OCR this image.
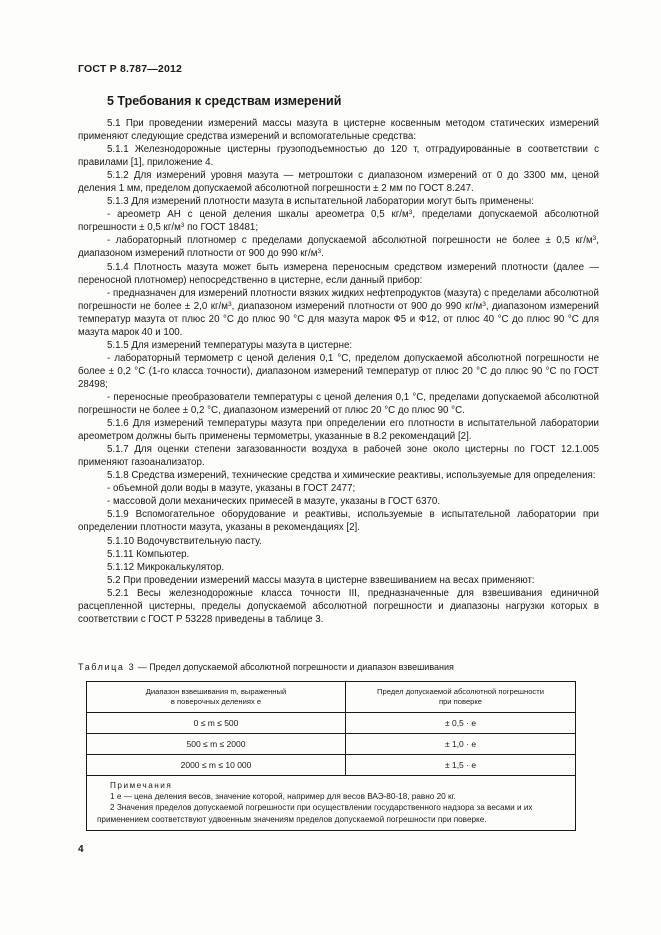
ГОСТ Р 8.787—2012
5 Требования к средствам измерений

5.1 При проведении измерений массы мазута в цистерне косвенным методом статических измерений применяют следующие средства измерений и вспомогательные средства:

5.1.1 Железнодорожные цистерны грузоподъемностью до 120 т, отградуированные в соответствии с правилами [1], приложение 4.

5.1.2 Для измерений уровня мазута — метроштоки с диапазоном измерений от 0 до 3300 мм, ценой деления 1 мм, пределом допускаемой абсолютной погрешности ± 2 мм по ГОСТ 8.247.

5.1.3 Для измерений плотности мазута в испытательной лаборатории могут быть применены:

- ареометр АН с ценой деления шкалы ареометра 0,5 $кг/м^3$, пределами допускаемой абсолютной погрешности ± 0,5 $кг/м^3$ по ГОСТ 18481;

- лабораторный плотномер с пределами допускаемой абсолютной погрешности не более ± 0,5 $кг/м^3$, диапазоном измерений плотности от 900 до 990 $кг/м^3$.

5.1.4 Плотность мазута может быть измерена переносным средством измерений плотности (далее — переносной плотномер) непосредственно в цистерне, если данный прибор:

- предназначен для измерений плотности вязких жидких нефтепродуктов (мазута) с пределами абсолютной погрешности не более ± 2,0 $кг/м^3$, диапазоном измерений плотности от 900 до 990 $кг/м^3$, диапазоном измерений температур мазута от плюс 20 °С до плюс 90 °С для мазута марок Ф5 и Ф12, от плюс 40 °С до плюс 90 °С для мазута марок 40 и 100.

5.1.5 Для измерений температуры мазута в цистерне:

- лабораторный термометр с ценой деления 0,1 °С, пределом допускаемой абсолютной погрешности не более ± 0,2 °С (1-го класса точности), диапазоном измерений температур от плюс 20 °С до плюс 90 °С по ГОСТ 28498;

- переносные преобразователи температуры с ценой деления 0,1 °С, пределами допускаемой абсолютной погрешности не более ± 0,2 °С, диапазоном измерений от плюс 20 °С до плюс 90 °С.

5.1.6 Для измерений температуры мазута при определении его плотности в испытательной лаборатории ареометром должны быть применены термометры, указанные в 8.2 рекомендаций [2].

5.1.7 Для оценки степени загазованности воздуха в рабочей зоне около цистерны по ГОСТ 12.1.005 применяют газоанализатор.

5.1.8 Средства измерений, технические средства и химические реактивы, используемые для определения:

- объемной доли воды в мазуте, указаны в ГОСТ 2477;

- массовой доли механических примесей в мазуте, указаны в ГОСТ 6370.

5.1.9 Вспомогательное оборудование и реактивы, используемые в испытательной лаборатории при определении плотности мазута, указаны в рекомендациях [2].

5.1.10 Водочувствительную пасту.

5.1.11 Компьютер.

5.1.12 Микрокалькулятор.

5.2 При проведении измерений массы мазута в цистерне взвешиванием на весах применяют:

5.2.1 Весы железнодорожные класса точности III, предназначенные для взвешивания единичной расцепленной цистерны, пределы допускаемой абсолютной погрешности и диапазоны нагрузки которых в соответствии с ГОСТ Р 53228 приведены в таблице 3.

Таблица 3 — Предел допускаемой абсолютной погрешности и диапазон взвешивания
Диапазон взвешивания m, выраженный в поверочных делениях e	Предел допускаемой абсолютной погрешности при поверке
0 ≤ m ≤ 500	± 0,5 · e
500 ≤ m ≤ 2000	± 1,0 · e
2000 ≤ m ≤ 10 000	± 1,5 · e

Примечания
1 e — цена деления весов, значение которой, например для весов ВАЭ-80-18, равно 20 кг.
2 Значения пределов допускаемой погрешности при осуществлении государственного надзора за весами и их применением соответствуют удвоенным значениям пределов допускаемой погрешности при поверке.	
4
